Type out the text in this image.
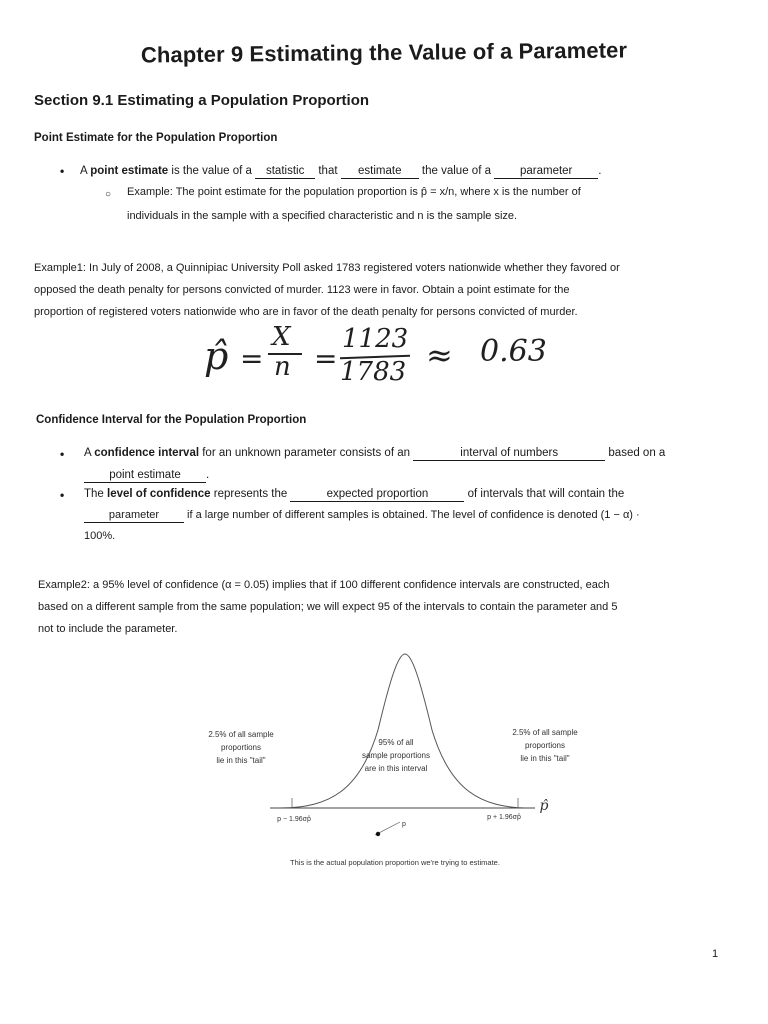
Chapter 9 Estimating the Value of a Parameter
Section 9.1 Estimating a Population Proportion
Point Estimate for the Population Proportion
• A point estimate is the value of a statistic that estimate the value of a parameter .
○ Example: The point estimate for the population proportion is p̂ = x/n, where x is the number of
individuals in the sample with a specified characteristic and n is the sample size.
Example1: In July of 2008, a Quinnipiac University Poll asked 1783 registered voters nationwide whether they favored or
opposed the death penalty for persons convicted of murder. 1123 were in favor. Obtain a point estimate for the
proportion of registered voters nationwide who are in favor of the death penalty for persons convicted of murder.
p̂ =
X
n =
1123
1783 ≈ 0.63
Confidence Interval for the Population Proportion
• A confidence interval for an unknown parameter consists of an	interval of numbers	based on a
point estimate .
• The level of confidence represents the	expected proportion	of intervals that will contain the
parameter if a large number of different samples is obtained. The level of confidence is denoted (1 − α) ·
100%.
Example2: a 95% level of confidence (α = 0.05) implies that if 100 different confidence intervals are constructed, each
based on a different sample from the same population; we will expect 95 of the intervals to contain the parameter and 5
not to include the parameter.
2.5% of all sample
proportions
lie in this "tail"
95% of all
sample proportions
are in this interval
2.5% of all sample
proportions
lie in this "tail"
p − 1.96σp̂
p
p + 1.96σp̂
p̂
This is the actual population proportion we're trying to estimate.
1
